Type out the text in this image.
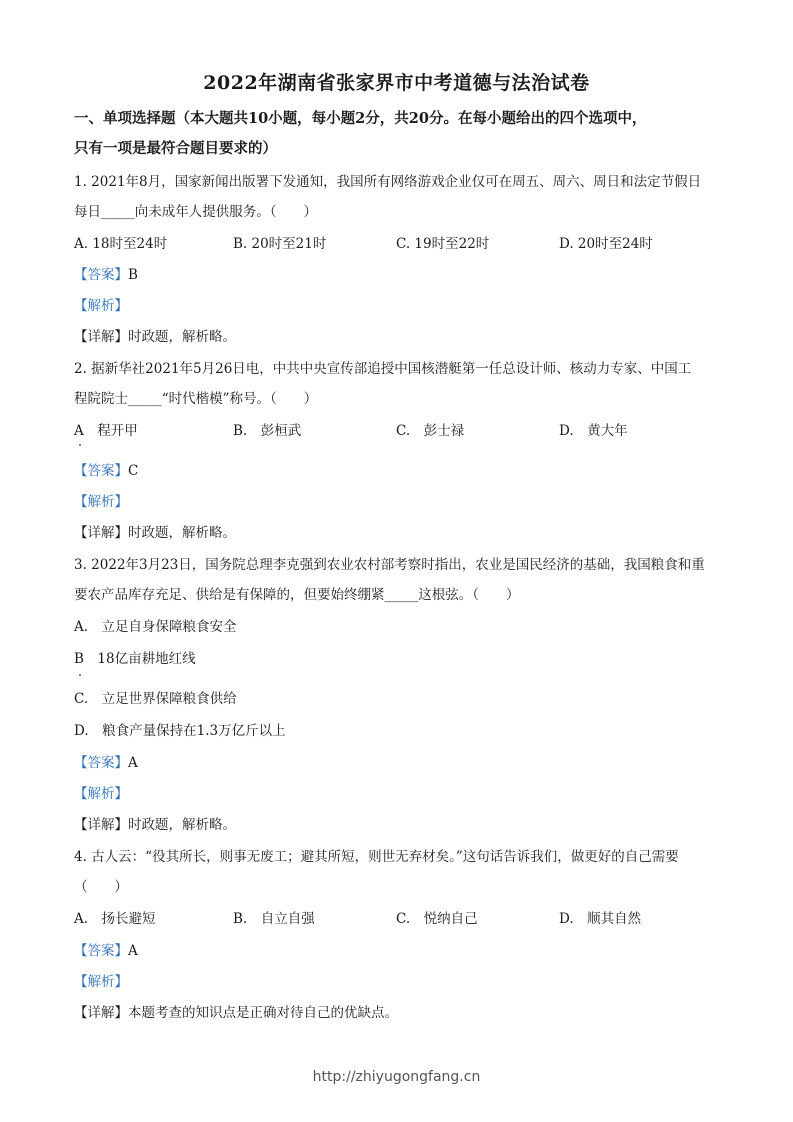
2022年湖南省张家界市中考道德与法治试卷
一、单项选择题（本大题共10小题，每小题2分，共20分。在每小题给出的四个选项中，
只有一项是最符合题目要求的）
1. 2021年8月，国家新闻出版署下发通知，我国所有网络游戏企业仅可在周五、周六、周日和法定节假日
每日_____向未成年人提供服务。（　　）
A. 18时至24时	B. 20时至21时	C. 19时至22时	D. 20时至24时
【答案】B
【解析】
【详解】时政题，解析略。
2. 据新华社2021年5月26日电，中共中央宣传部追授中国核潜艇第一任总设计师、核动力专家、中国工
程院院士_____“时代楷模”称号。（　　）
A　程开甲	B.　彭桓武	C.　彭士禄	D.　黄大年
【答案】C
【解析】
【详解】时政题，解析略。
3. 2022年3月23日，国务院总理李克强到农业农村部考察时指出，农业是国民经济的基础，我国粮食和重
要农产品库存充足、供给是有保障的，但要始终绷紧_____这根弦。（　　）
A.　立足自身保障粮食安全
B　18亿亩耕地红线
C.　立足世界保障粮食供给
D.　粮食产量保持在1.3万亿斤以上
【答案】A
【解析】
【详解】时政题，解析略。
4. 古人云：“役其所长，则事无废工；避其所短，则世无弃材矣。”这句话告诉我们，做更好的自己需要
（　　）
A.　扬长避短	B.　自立自强	C.　悦纳自己	D.　顺其自然
【答案】A
【解析】
【详解】本题考查的知识点是正确对待自己的优缺点。
http://zhiyugongfang.cn
